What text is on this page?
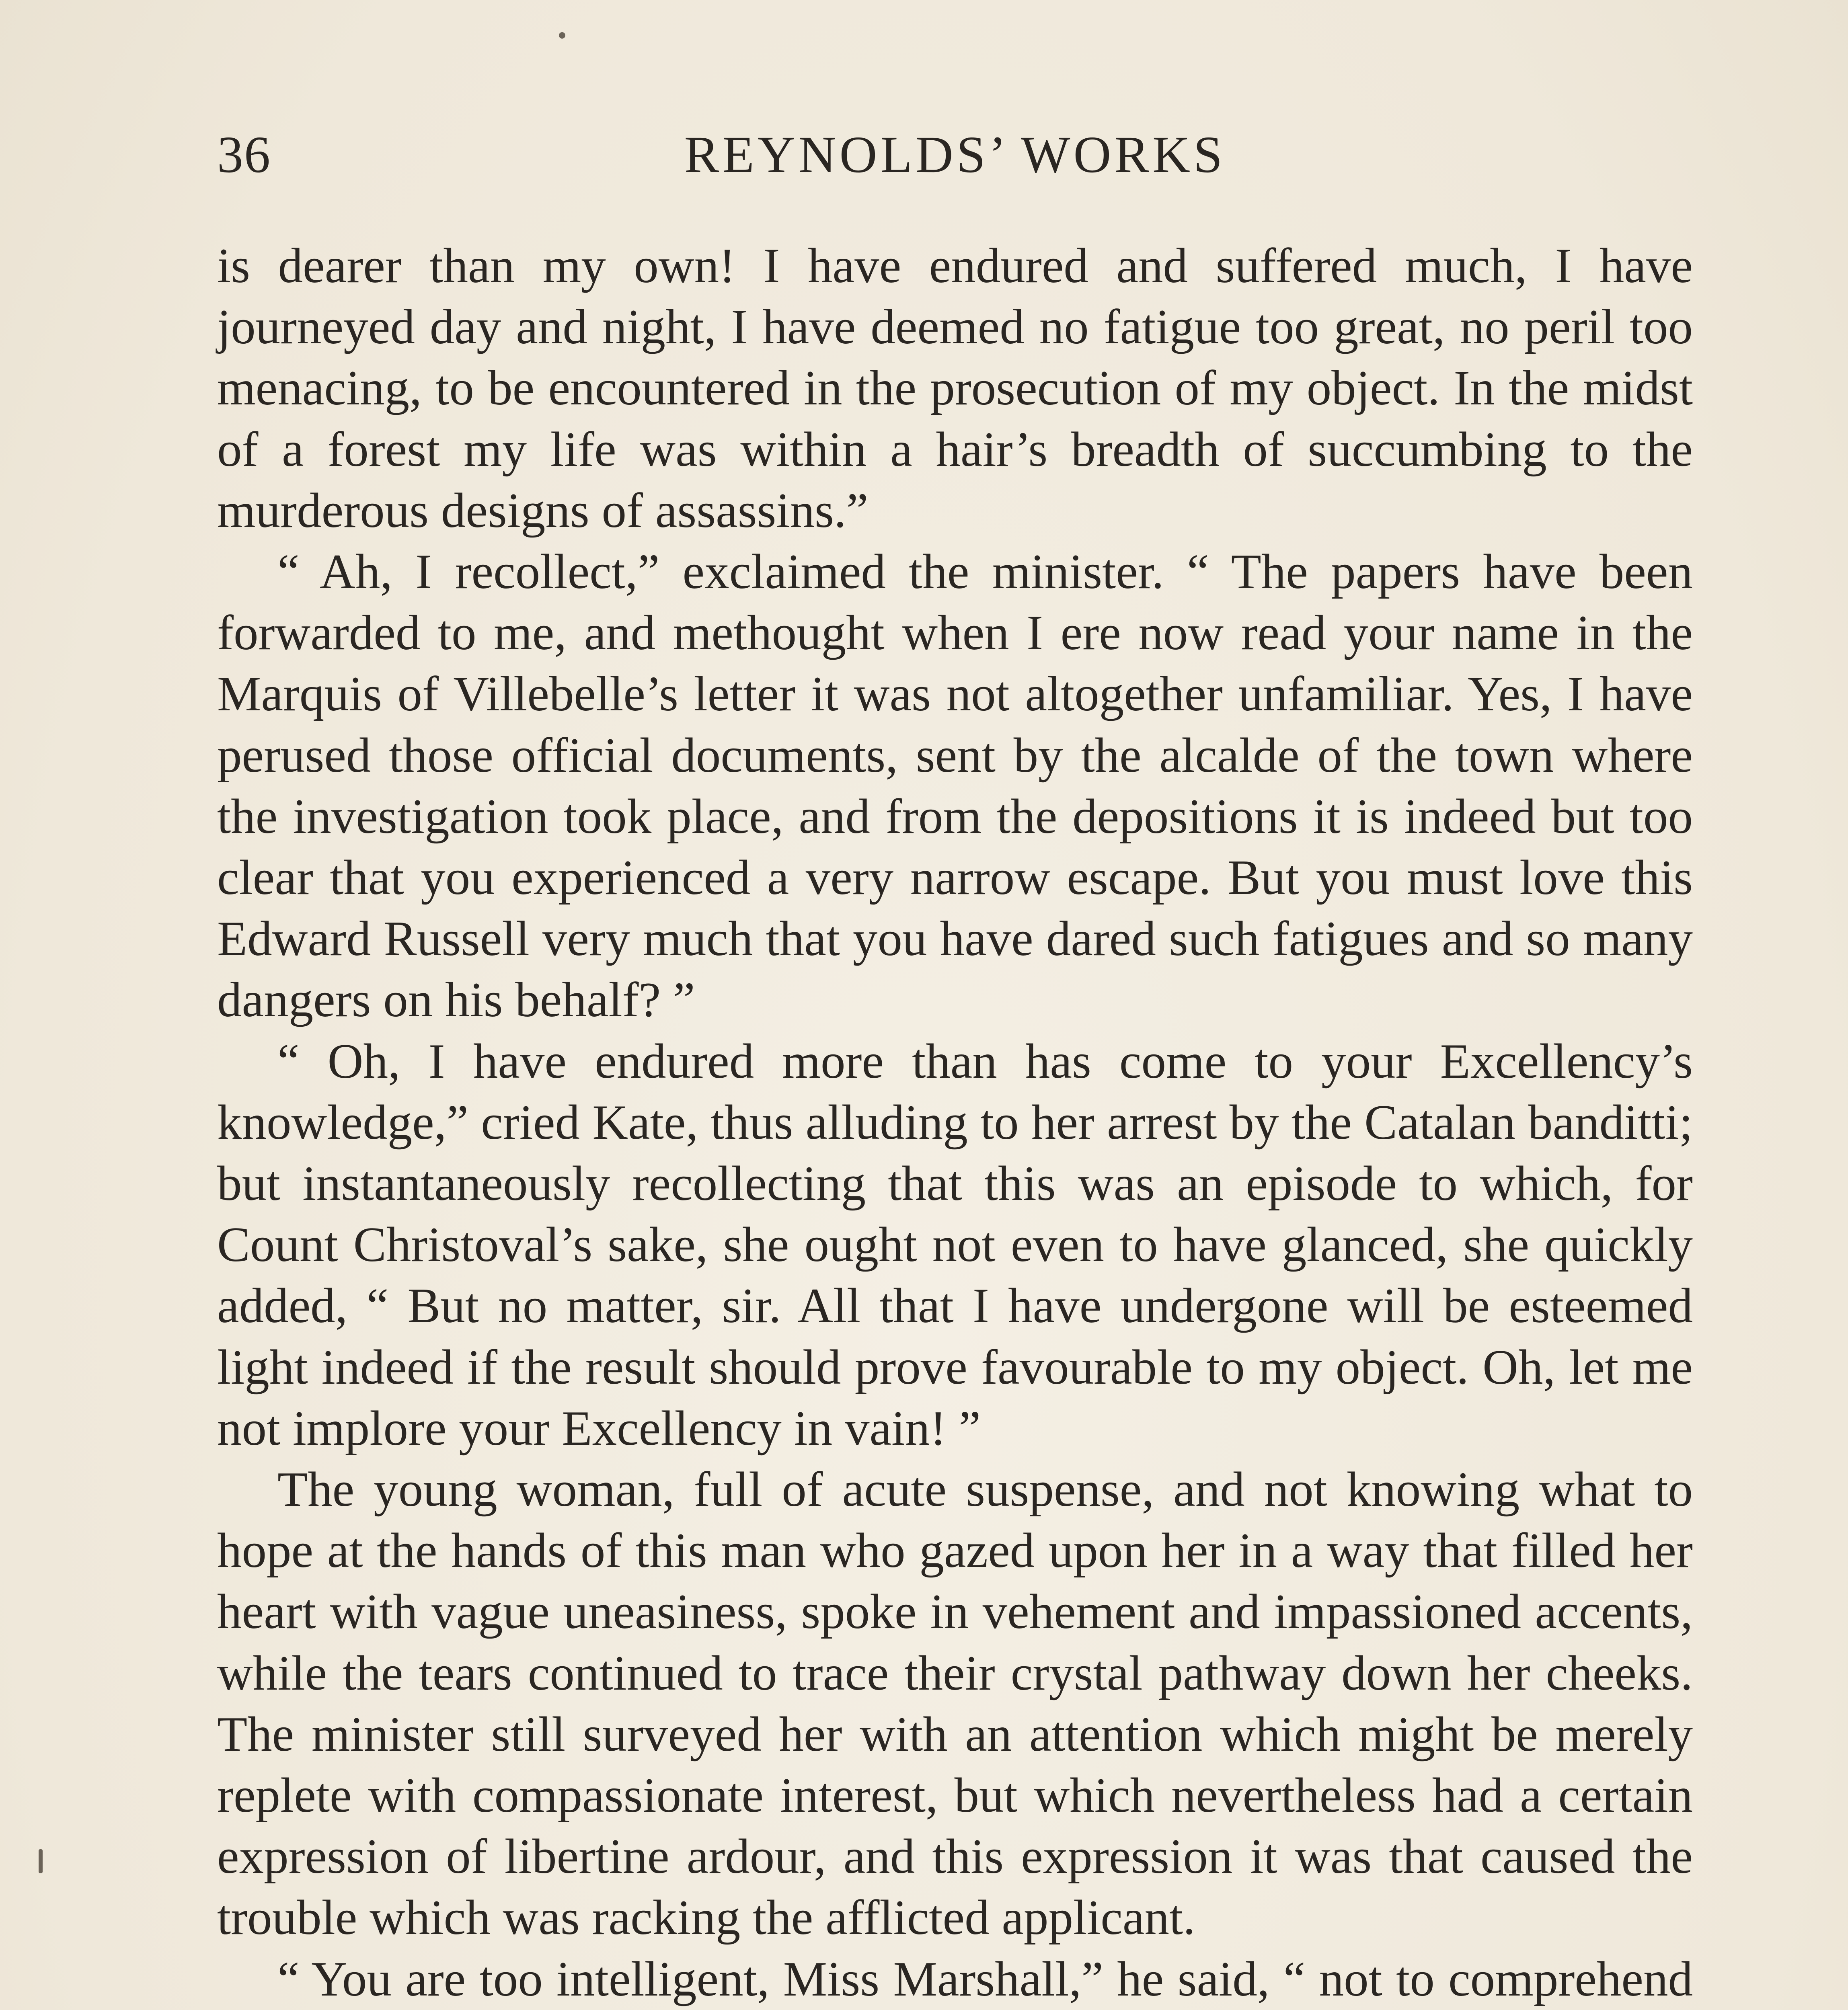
36	REYNOLDS’ WORKS

is dearer than my own! I have endured and suffered much, I have journeyed day and night, I have deemed no fatigue too great, no peril too menacing, to be encountered in the prosecution of my object. In the midst of a forest my life was within a hair’s breadth of succumbing to the murderous designs of assassins.”

“ Ah, I recollect,” exclaimed the minister. “ The papers have been forwarded to me, and methought when I ere now read your name in the Marquis of Villebelle’s letter it was not altogether unfamiliar. Yes, I have perused those official documents, sent by the alcalde of the town where the investigation took place, and from the depositions it is indeed but too clear that you experienced a very narrow escape. But you must love this Edward Russell very much that you have dared such fatigues and so many dangers on his behalf? ”

“ Oh, I have endured more than has come to your Excellency’s knowledge,” cried Kate, thus alluding to her arrest by the Catalan banditti; but instantaneously recollecting that this was an episode to which, for Count Christoval’s sake, she ought not even to have glanced, she quickly added, “ But no matter, sir. All that I have undergone will be esteemed light indeed if the result should prove favourable to my object. Oh, let me not implore your Excellency in vain! ”

The young woman, full of acute suspense, and not knowing what to hope at the hands of this man who gazed upon her in a way that filled her heart with vague uneasiness, spoke in vehement and impassioned accents, while the tears continued to trace their crystal pathway down her cheeks. The minister still surveyed her with an attention which might be merely replete with compassionate interest, but which nevertheless had a certain expression of libertine ardour, and this expression it was that caused the trouble which was racking the afflicted applicant.

“ You are too intelligent, Miss Marshall,” he said, “ not to comprehend
